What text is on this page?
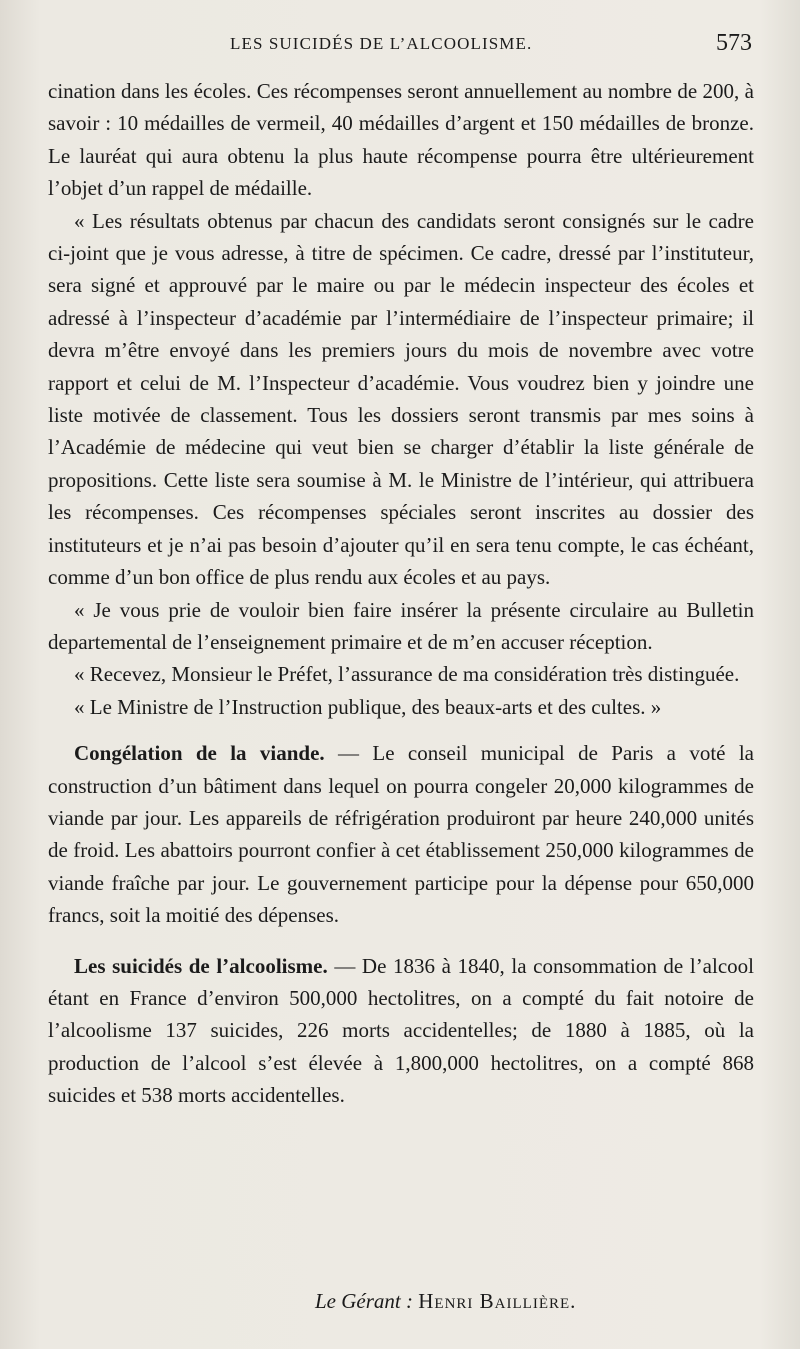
LES SUICIDÉS DE L’ALCOOLISME.	573

cination dans les écoles. Ces récompenses seront annuellement au nombre de 200, à savoir : 10 médailles de vermeil, 40 médailles d’argent et 150 médailles de bronze. Le lauréat qui aura obtenu la plus haute récompense pourra être ultérieurement l’objet d’un rappel de médaille.

« Les résultats obtenus par chacun des candidats seront consignés sur le cadre ci-joint que je vous adresse, à titre de spécimen. Ce cadre, dressé par l’instituteur, sera signé et approuvé par le maire ou par le médecin inspecteur des écoles et adressé à l’inspecteur d’académie par l’intermédiaire de l’inspecteur primaire; il devra m’être envoyé dans les premiers jours du mois de novembre avec votre rapport et celui de M. l’Inspecteur d’académie. Vous voudrez bien y joindre une liste motivée de classement. Tous les dossiers seront transmis par mes soins à l’Académie de médecine qui veut bien se charger d’établir la liste générale de propositions. Cette liste sera soumise à M. le Ministre de l’intérieur, qui attribuera les récompenses. Ces récompenses spéciales seront inscrites au dossier des instituteurs et je n’ai pas besoin d’ajouter qu’il en sera tenu compte, le cas échéant, comme d’un bon office de plus rendu aux écoles et au pays.

« Je vous prie de vouloir bien faire insérer la présente circulaire au Bulletin departemental de l’enseignement primaire et de m’en accuser réception.

« Recevez, Monsieur le Préfet, l’assurance de ma considération très distinguée.

« Le Ministre de l’Instruction publique, des beaux-arts et des cultes. »

Congélation de la viande. — Le conseil municipal de Paris a voté la construction d’un bâtiment dans lequel on pourra congeler 20,000 kilogrammes de viande par jour. Les appareils de réfrigération produiront par heure 240,000 unités de froid. Les abattoirs pourront confier à cet établissement 250,000 kilogrammes de viande fraîche par jour. Le gouvernement participe pour la dépense pour 650,000 francs, soit la moitié des dépenses.

Les suicidés de l’alcoolisme. — De 1836 à 1840, la consommation de l’alcool étant en France d’environ 500,000 hectolitres, on a compté du fait notoire de l’alcoolisme 137 suicides, 226 morts accidentelles; de 1880 à 1885, où la production de l’alcool s’est élevée à 1,800,000 hectolitres, on a compté 868 suicides et 538 morts accidentelles.

Le Gérant : Henri Baillière.
